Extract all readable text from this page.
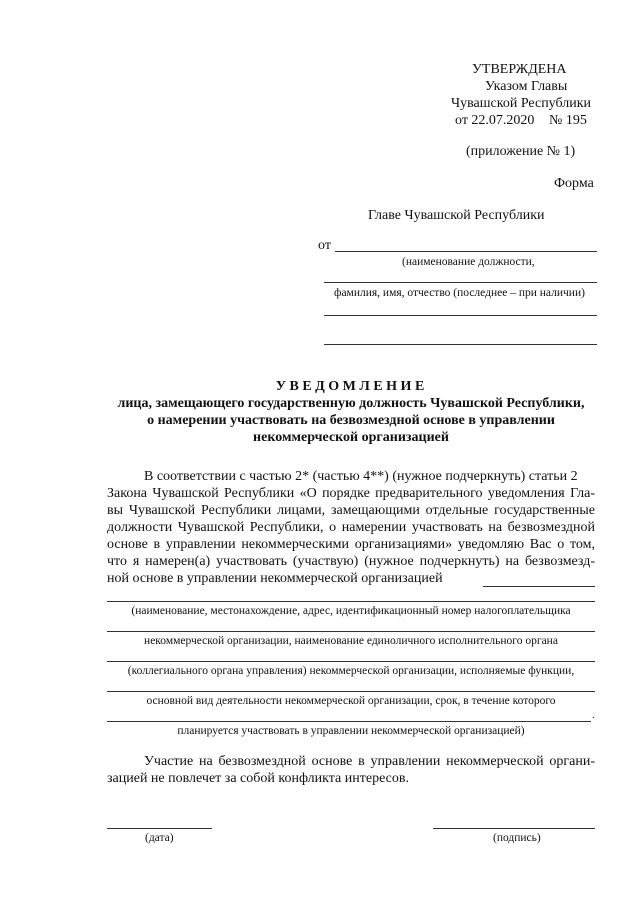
УТВЕРЖДЕНА
Указом Главы
Чувашской Республики
от 22.07.2020 № 195
(приложение № 1)
Форма
Главе Чувашской Республики
от
(наименование должности,
фамилия, имя, отчество (последнее – при наличии)
У В Е Д О М Л Е Н И Е
лица, замещающего государственную должность Чувашской Республики,
о намерении участвовать на безвозмездной основе в управлении
некоммерческой организацией
В соответствии с частью 2* (частью 4**) (нужное подчеркнуть) статьи 2
Закона Чувашской Республики «О порядке предварительного уведомления Гла-
вы Чувашской Республики лицами, замещающими отдельные государственные
должности Чувашской Республики, о намерении участвовать на безвозмездной
основе в управлении некоммерческими организациями» уведомляю Вас о том,
что я намерен(а) участвовать (участвую) (нужное подчеркнуть) на безвозмезд-
ной основе в управлении некоммерческой организацией
(наименование, местонахождение, адрес, идентификационный номер налогоплательщика
некоммерческой организации, наименование единоличного исполнительного органа
(коллегиального органа управления) некоммерческой организации, исполняемые функции,
основной вид деятельности некоммерческой организации, срок, в течение которого
.
планируется участвовать в управлении некоммерческой организацией)
Участие на безвозмездной основе в управлении некоммерческой органи-
зацией не повлечет за собой конфликта интересов.
(дата)	(подпись)
